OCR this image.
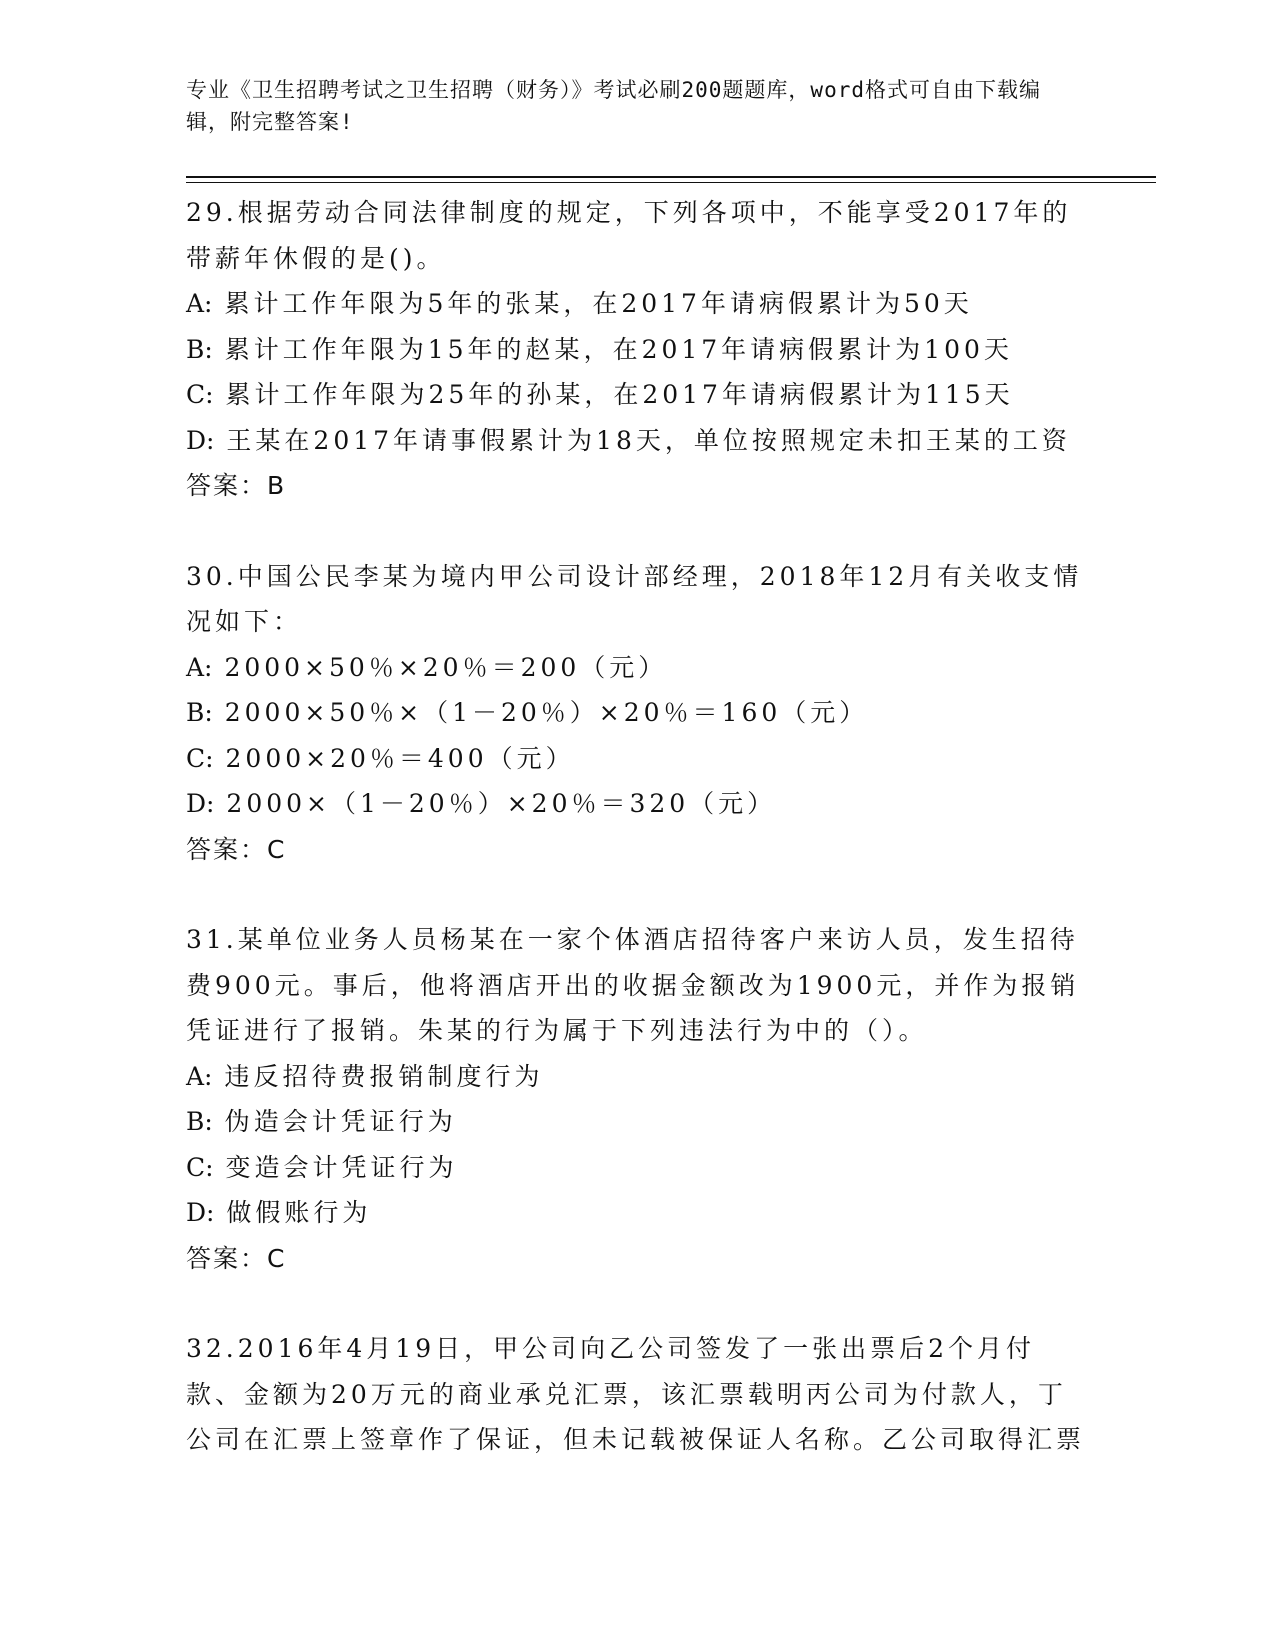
专业《卫生招聘考试之卫生招聘（财务）》考试必刷200题题库，word格式可自由下载编辑，附完整答案!

29.根据劳动合同法律制度的规定，下列各项中，不能享受2017年的带薪年休假的是()。

A: 累计工作年限为5年的张某，在2017年请病假累计为50天

B: 累计工作年限为15年的赵某，在2017年请病假累计为100天

C: 累计工作年限为25年的孙某，在2017年请病假累计为115天

D: 王某在2017年请事假累计为18天，单位按照规定未扣王某的工资

答案：B

30.中国公民李某为境内甲公司设计部经理，2018年12月有关收支情况如下：

A: 2000×50％×20％＝200（元）

B: 2000×50％×（1－20％）×20％＝160（元）

C: 2000×20％＝400（元）

D: 2000×（1－20％）×20％＝320（元）

答案：C

31.某单位业务人员杨某在一家个体酒店招待客户来访人员，发生招待费900元。事后，他将酒店开出的收据金额改为1900元，并作为报销凭证进行了报销。朱某的行为属于下列违法行为中的（）。

A: 违反招待费报销制度行为

B: 伪造会计凭证行为

C: 变造会计凭证行为

D: 做假账行为

答案：C

32.2016年4月19日，甲公司向乙公司签发了一张出票后2个月付款、金额为20万元的商业承兑汇票，该汇票载明丙公司为付款人，丁公司在汇票上签章作了保证，但未记载被保证人名称。乙公司取得汇票
